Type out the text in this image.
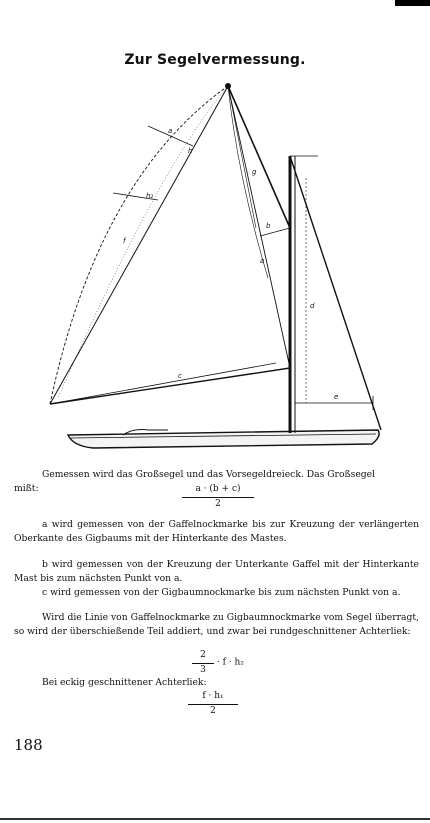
Zur Segelvermessung.
a
h
h₂
f
g
b
a
c
d
e
Gemessen wird das Großsegel und das Vorsegeldreieck. Das Großsegel
mißt:	a · (b + c)
2
a wird gemessen von der Gaffelnockmarke bis zur Kreuzung der verlängerten Oberkante des Gigbaums mit der Hinterkante des Mastes.
b wird gemessen von der Kreuzung der Unterkante Gaffel mit der Hinterkante Mast bis zum nächsten Punkt von a.
c wird gemessen von der Gigbaumnockmarke bis zum nächsten Punkt von a.
Wird die Linie von Gaffelnockmarke zu Gigbaumnockmarke vom Segel überragt, so wird der überschießende Teil addiert, und zwar bei rundgeschnittener Achterliek:
$\frac{2}{3} \cdot f \cdot h_2$
Bei eckig geschnittener Achterliek:
f · h₁
2
188
